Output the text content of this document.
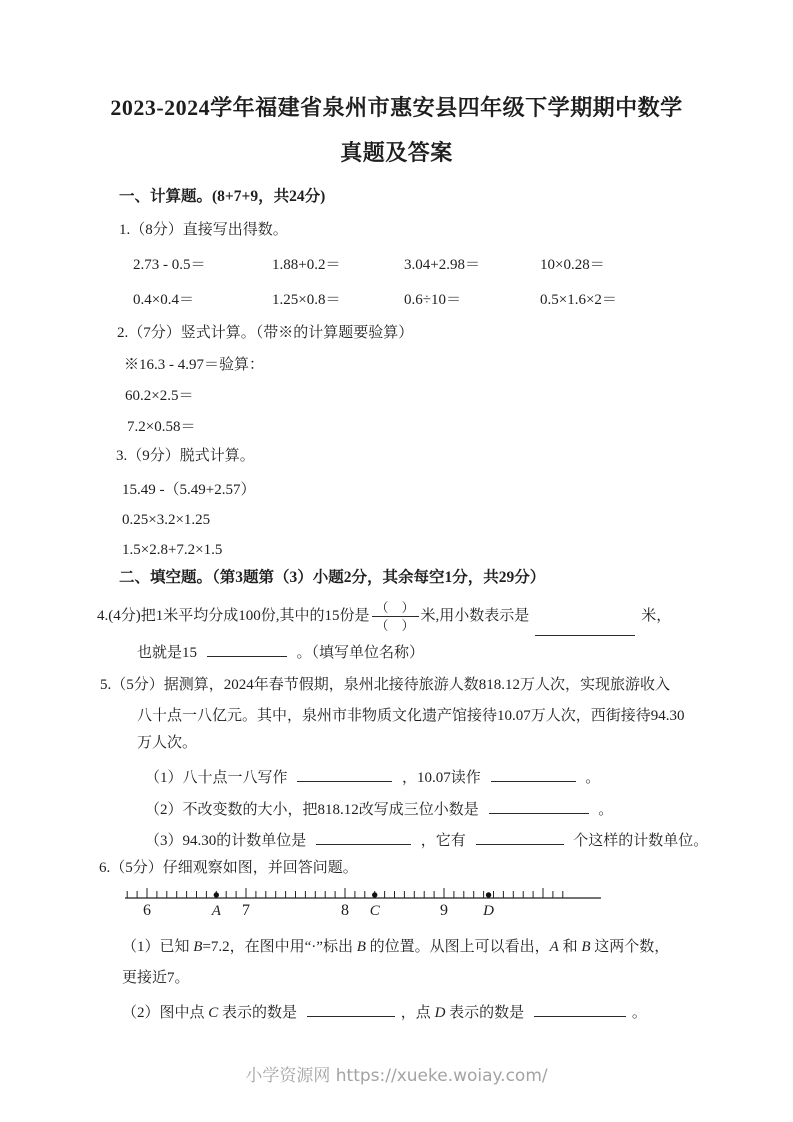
2023-2024学年福建省泉州市惠安县四年级下学期期中数学
真题及答案
一、计算题。(8+7+9，共24分)
1.（8分）直接写出得数。
2.73 - 0.5＝	1.88+0.2＝	3.04+2.98＝	10×0.28＝
0.4×0.4＝	1.25×0.8＝	0.6÷10＝	0.5×1.6×2＝
2.（7分）竖式计算。（带※的计算题要验算）
※16.3 - 4.97＝验算：
60.2×2.5＝
7.2×0.58＝
3.（9分）脱式计算。
15.49 -（5.49+2.57）
0.25×3.2×1.25
1.5×2.8+7.2×1.5
二、填空题。（第3题第（3）小题2分，其余每空1分，共29分）
4.(4分)把1米平均分成100份,其中的15份是 $\frac{( )}{( )}$ 米,用小数表示是	米，
也就是15	。（填写单位名称）
5.（5分）据测算，2024年春节假期，泉州北接待旅游人数818.12万人次，实现旅游收入
八十点一八亿元。其中，泉州市非物质文化遗产馆接待10.07万人次，西街接待94.30
万人次。
（1）八十点一八写作	，10.07读作	。
（2）不改变数的大小，把818.12改写成三位小数是	。
（3）94.30的计数单位是	，它有	个这样的计数单位。
6.（5分）仔细观察如图，并回答问题。
6	7	8	9
A	C	D
（1）已知 B=7.2，在图中用“·”标出 B 的位置。从图上可以看出，A 和 B 这两个数，
更接近7。
（2）图中点 C 表示的数是	，点 D 表示的数是	。
小学资源网 https://xueke.woiay.com/
